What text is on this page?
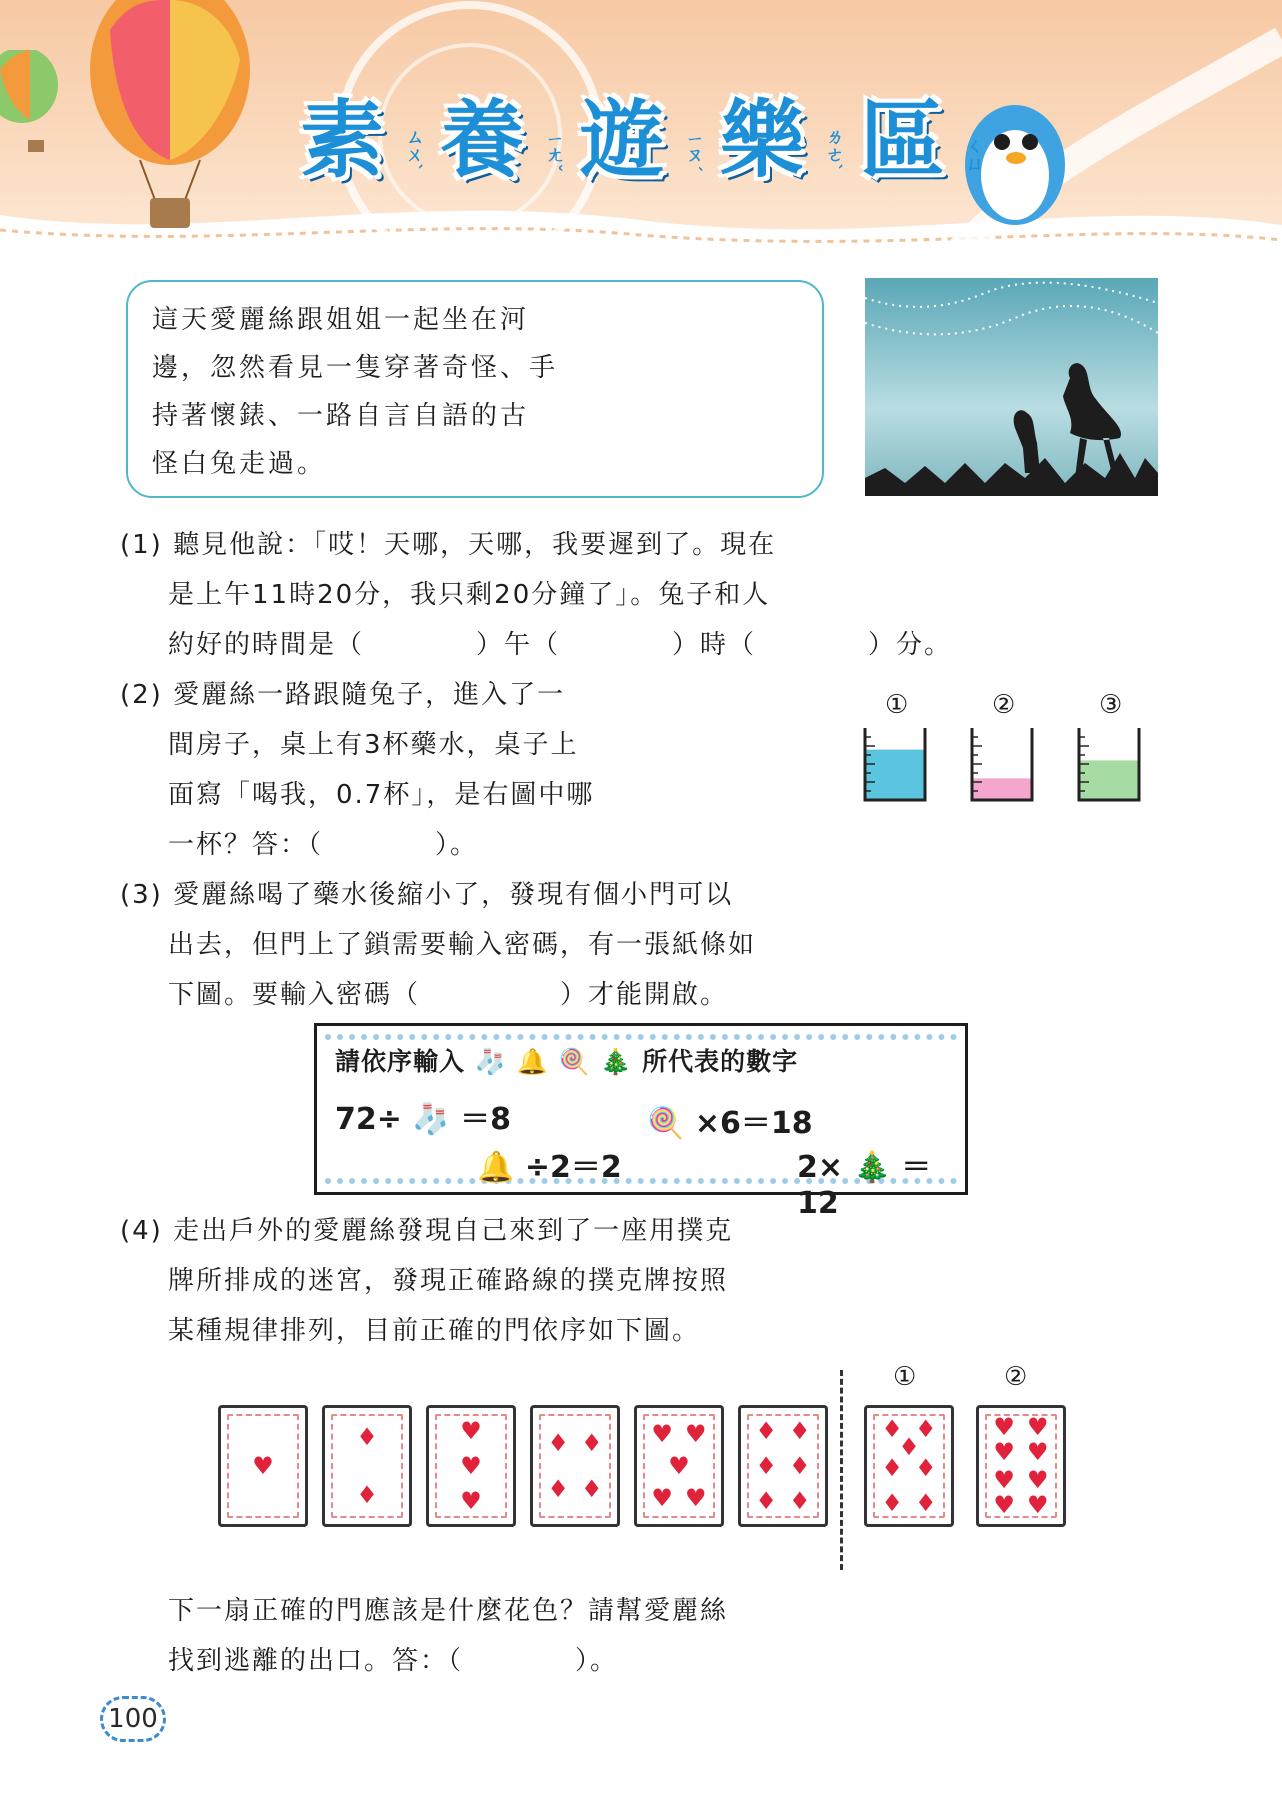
素 ㄙㄨˋ 養 ㄧㄤˇ 遊 ㄧㄡˊ 樂 ㄌㄜˋ 區 ㄑㄩ

這天愛麗絲跟姐姐一起坐在河

邊，忽然看見一隻穿著奇怪、手

持著懷錶、一路自言自語的古

怪白兔走過。

(1) 聽見他說：「哎！天哪，天哪，我要遲到了。現在

是上午11時20分，我只剩20分鐘了」。兔子和人

約好的時間是（　　　　）午（　　　　）時（　　　　）分。

(2) 愛麗絲一路跟隨兔子，進入了一

間房子，桌上有3杯藥水，桌子上

面寫「喝我，0.7杯」，是右圖中哪

一杯？答：（　　　　）。

①	②	③

(3) 愛麗絲喝了藥水後縮小了，發現有個小門可以

出去，但門上了鎖需要輸入密碼，有一張紙條如

下圖。要輸入密碼（　　　　　）才能開啟。

請依序輸入 🧦 🔔 🍭 🎄 所代表的數字
72÷ 🧦 ＝8	🍭 ×6＝18
🔔 ÷2＝2	2× 🎄 ＝12

(4) 走出戶外的愛麗絲發現自己來到了一座用撲克

牌所排成的迷宮，發現正確路線的撲克牌按照

某種規律排列，目前正確的門依序如下圖。

①	②

下一扇正確的門應該是什麼花色？請幫愛麗絲

找到逃離的出口。答：（　　　　）。

100
♥
♦
♦
♥
♥
♥
♦ ♦
♦ ♦
♥ ♥
♥
♥ ♥
♦ ♦
♦ ♦
♦ ♦
♦ ♦
♦
♦ ♦
♦ ♦
♥ ♥
♥ ♥
♥ ♥
♥ ♥
